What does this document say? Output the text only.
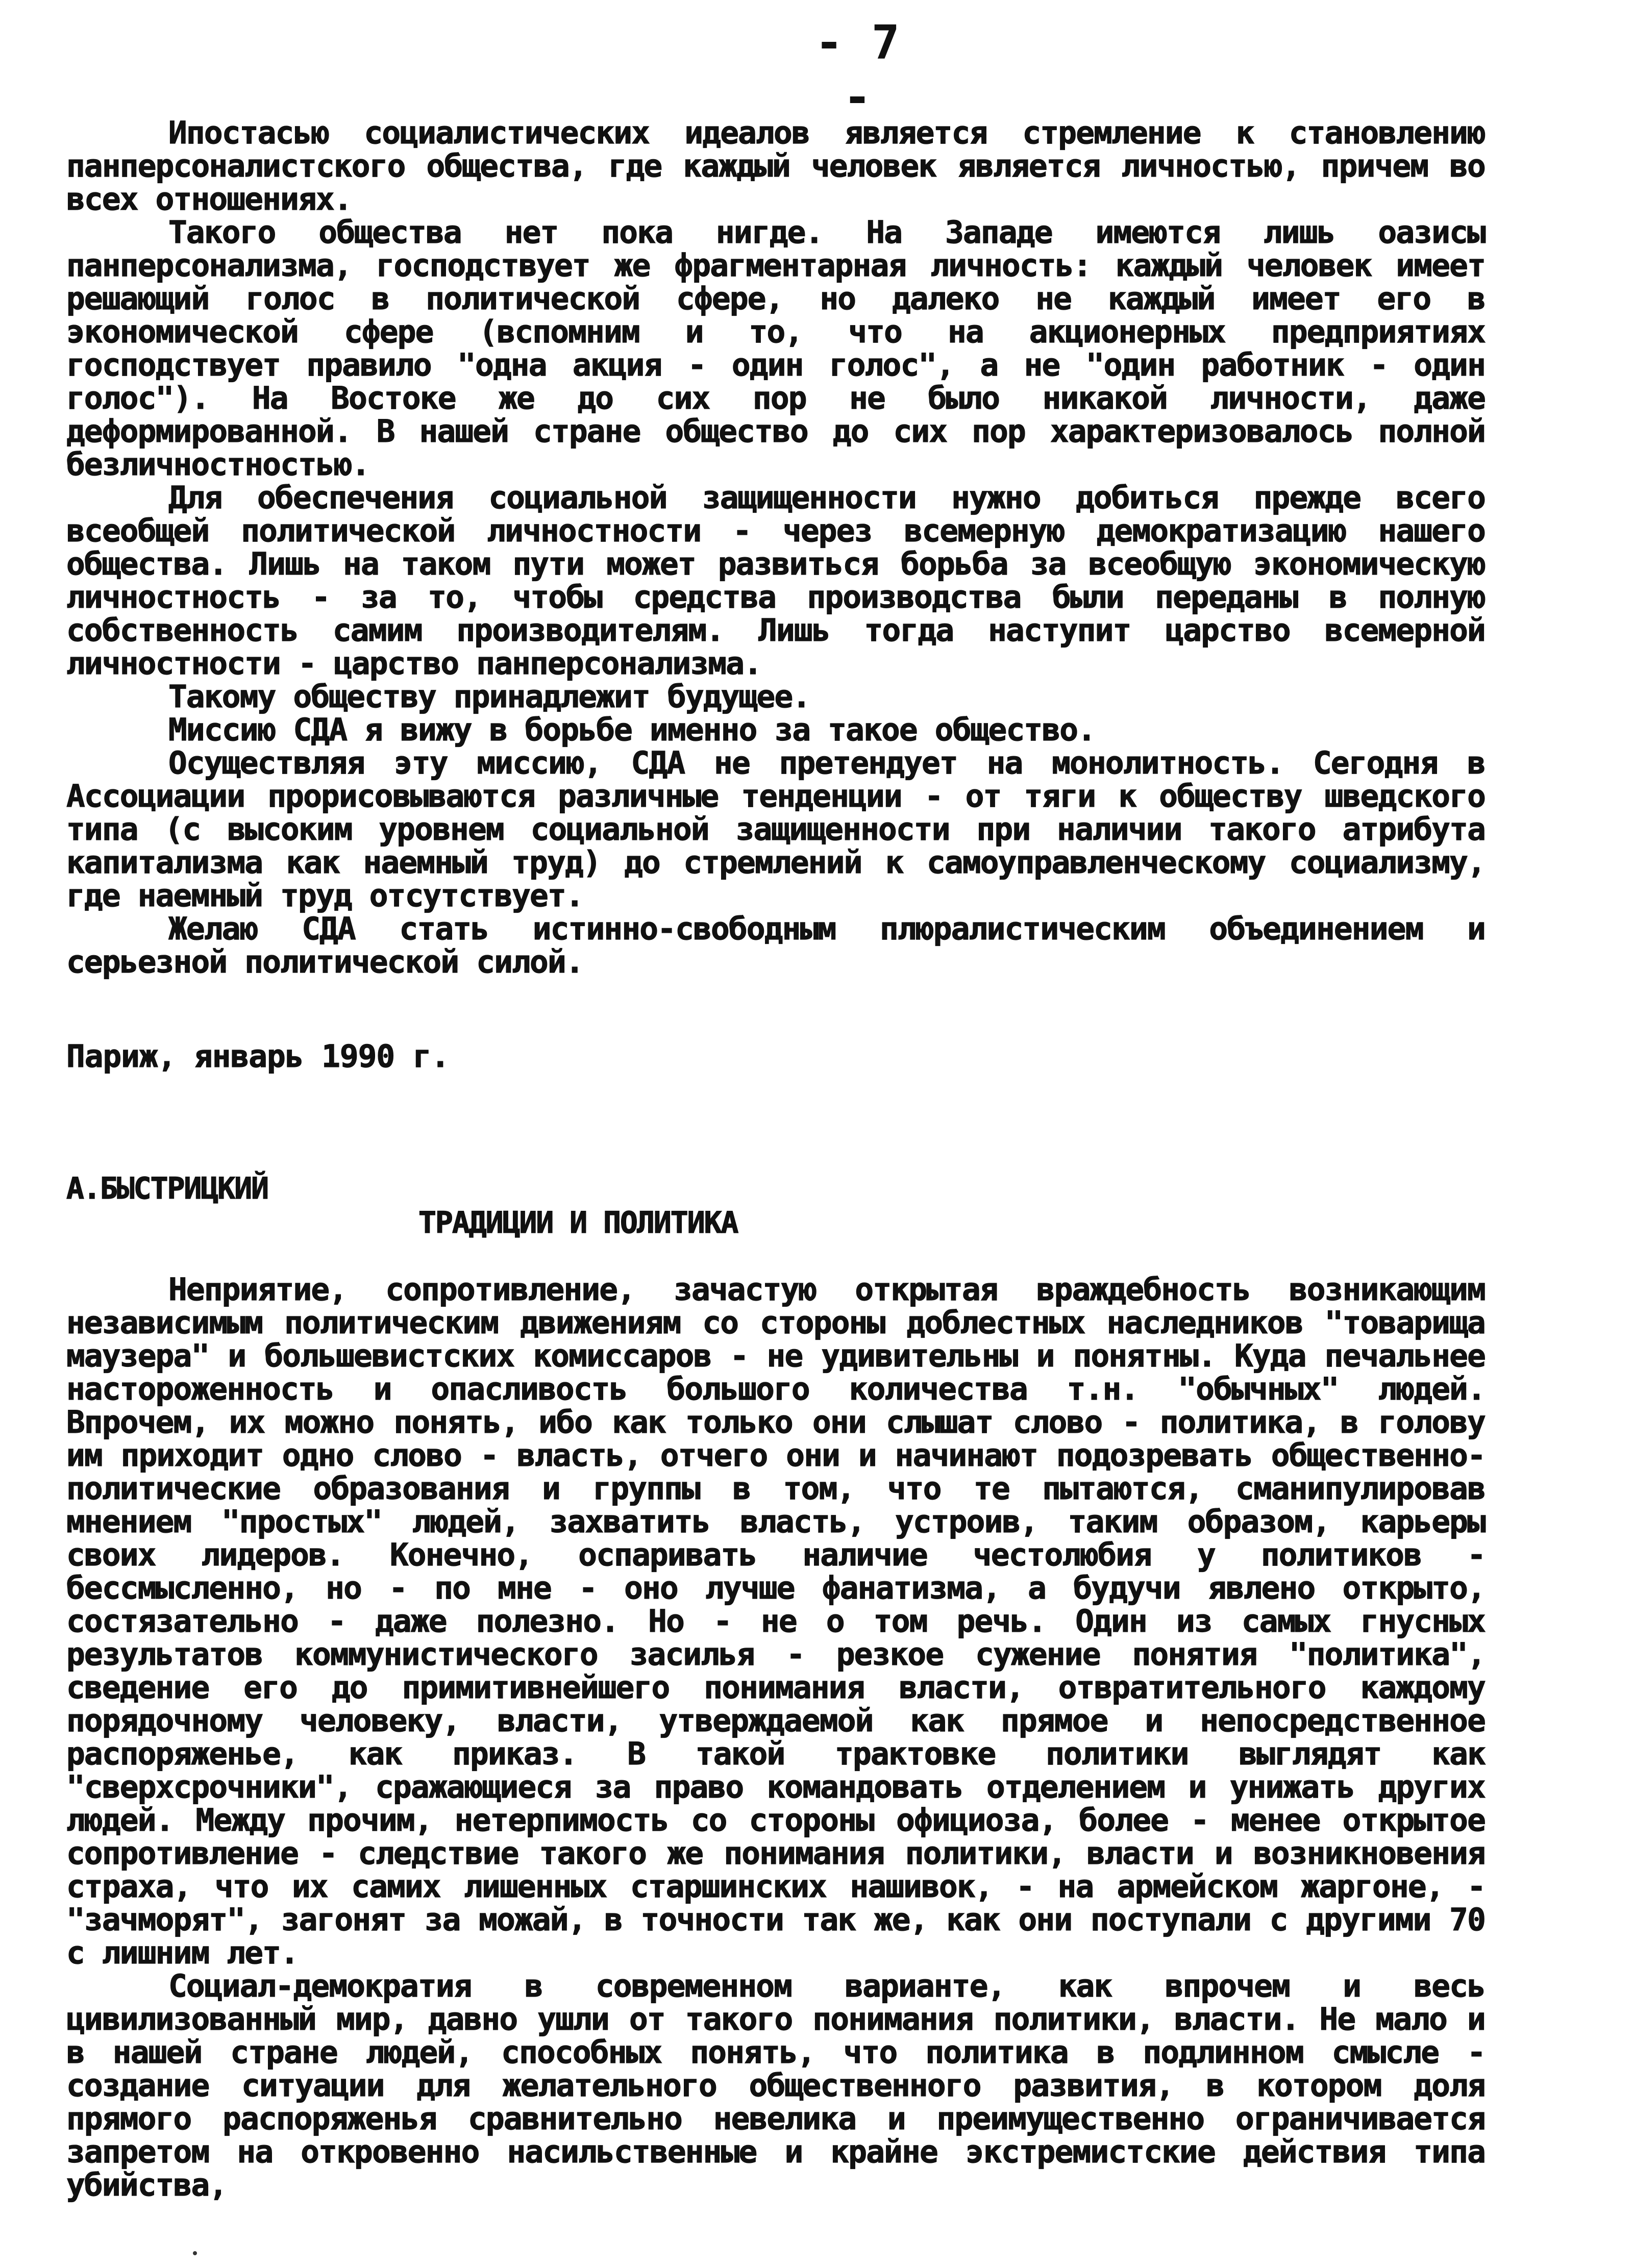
- 7 -

Ипостасью социалистических идеалов является стремление к становлению панперсоналистского общества, где каждый человек является личностью, причем во всех отношениях.

Такого общества нет пока нигде. На Западе имеются лишь оазисы панперсонализма, господствует же фрагментарная личность: каждый человек имеет решающий голос в политической сфере, но далеко не каждый имеет его в экономической сфере (вспомним и то, что на акционерных предприятиях господствует правило "одна акция - один голос", а не "один работник - один голос"). На Востоке же до сих пор не было никакой личности, даже деформированной. В нашей стране общество до сих пор характеризовалось полной безличностностью.

Для обеспечения социальной защищенности нужно добиться прежде всего всеобщей политической личностности - через всемерную демократизацию нашего общества. Лишь на таком пути может развиться борьба за всеобщую экономическую личностность - за то, чтобы средства производства были переданы в полную собственность самим производителям. Лишь тогда наступит царство всемерной личностности - царство панперсонализма.

Такому обществу принадлежит будущее.

Миссию СДА я вижу в борьбе именно за такое общество.

Осуществляя эту миссию, СДА не претендует на монолитность. Сегодня в Ассоциации прорисовываются различные тенденции - от тяги к обществу шведского типа (с высоким уровнем социальной защищенности при наличии такого атрибута капитализма как наемный труд) до стремлений к самоуправленческому социализму, где наемный труд отсутствует.

Желаю СДА стать истинно-свободным плюралистическим объединением и серьезной политической силой.

Париж, январь 1990 г.
А.БЫСТРИЦКИЙ
ТРАДИЦИИ И ПОЛИТИКА

Неприятие, сопротивление, зачастую открытая враждебность возникающим независимым политическим движениям со стороны доблестных наследников "товарища маузера" и большевистских комиссаров - не удивительны и понятны. Куда печальнее настороженность и опасливость большого количества т.н. "обычных" людей. Впрочем, их можно понять, ибо как только они слышат слово - политика, в голову им приходит одно слово - власть, отчего они и начинают подозревать общественно-политические образования и группы в том, что те пытаются, сманипулировав мнением "простых" людей, захватить власть, устроив, таким образом, карьеры своих лидеров. Конечно, оспаривать наличие честолюбия у политиков - бессмысленно, но - по мне - оно лучше фанатизма, а будучи явлено открыто, состязательно - даже полезно. Но - не о том речь. Один из самых гнусных результатов коммунистического засилья - резкое сужение понятия "политика", сведение его до примитивнейшего понимания власти, отвратительного каждому порядочному человеку, власти, утверждаемой как прямое и непосредственное распоряженье, как приказ. В такой трактовке политики выглядят как "сверхсрочники", сражающиеся за право командовать отделением и унижать других людей. Между прочим, нетерпимость со стороны официоза, более - менее открытое сопротивление - следствие такого же понимания политики, власти и возникновения страха, что их самих лишенных старшинских нашивок, - на армейском жаргоне, - "зачморят", загонят за можай, в точности так же, как они поступали с другими 70 с лишним лет.

Социал-демократия в современном варианте, как впрочем и весь цивилизованный мир, давно ушли от такого понимания политики, власти. Не мало и в нашей стране людей, способных понять, что политика в подлинном смысле - создание ситуации для желательного общественного развития, в котором доля прямого распоряженья сравнительно невелика и преимущественно ограничивается запретом на откровенно насильственные и крайне экстремистские действия типа убийства,
